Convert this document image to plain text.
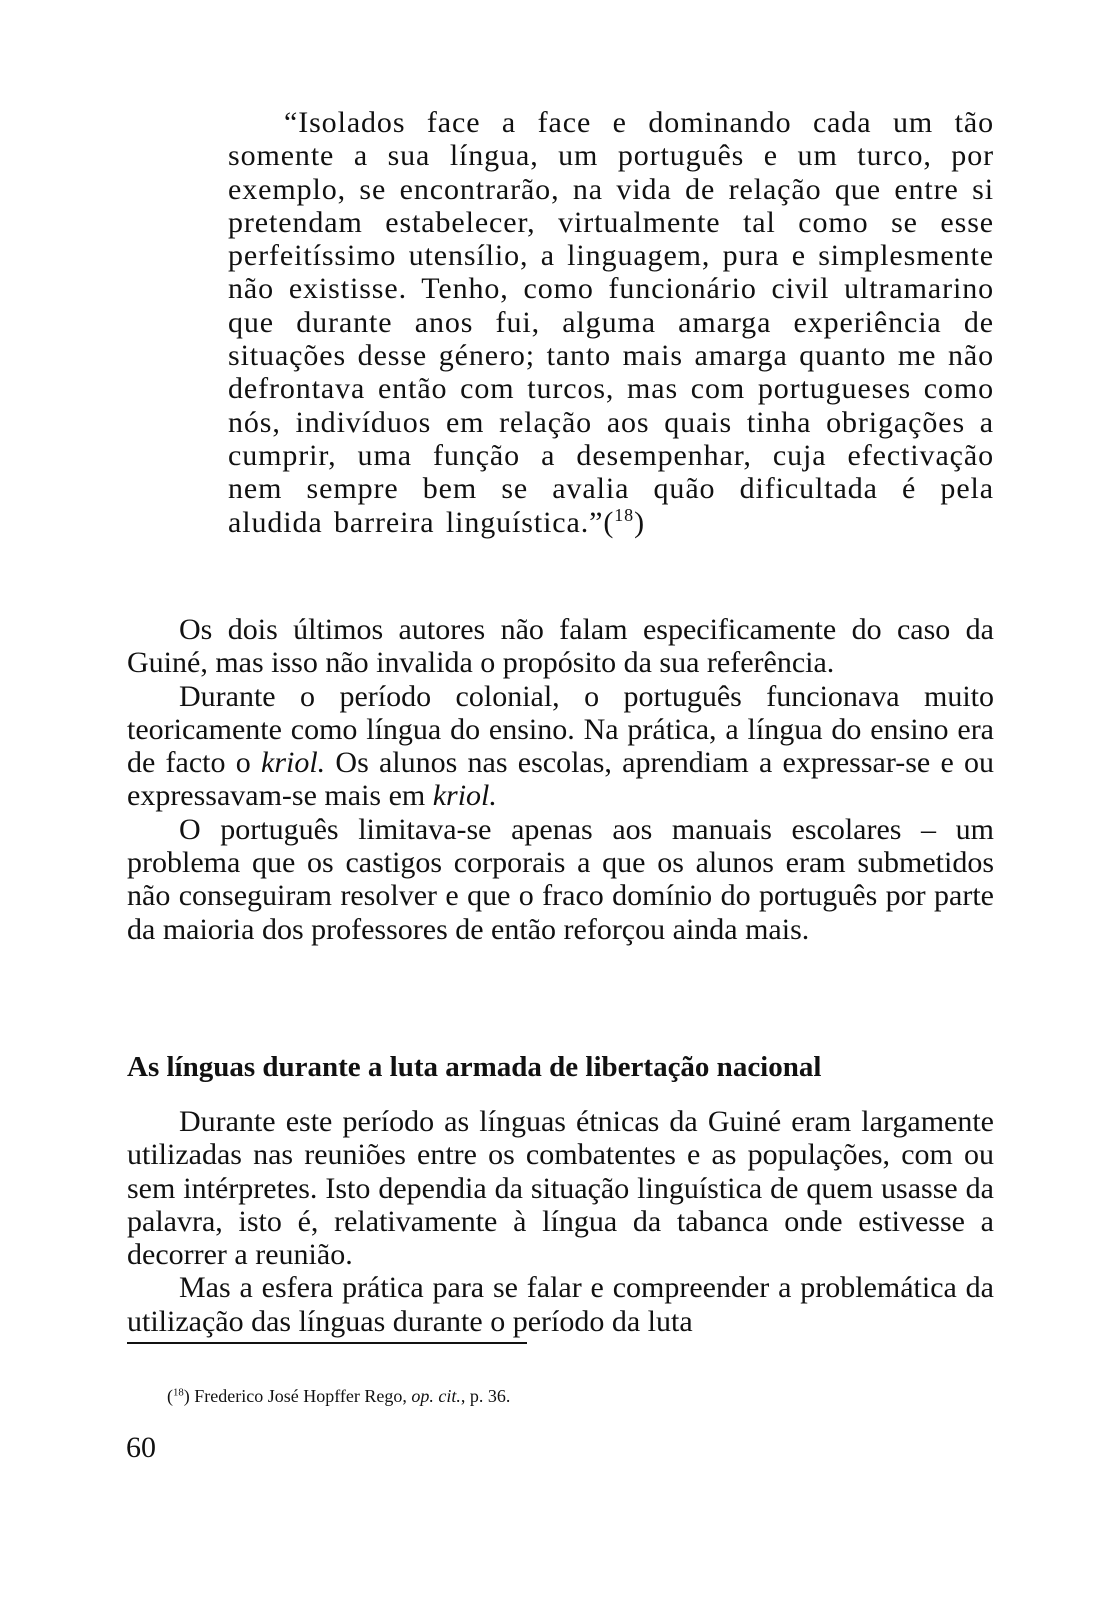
“Isolados face a face e dominando cada um tão somente a sua língua, um português e um turco, por exemplo, se encontrarão, na vida de relação que entre si pretendam estabelecer, virtualmente tal como se esse perfeitíssimo utensílio, a linguagem, pura e simplesmente não existisse. Tenho, como funcionário civil ultramarino que durante anos fui, alguma amarga experiência de situações desse género; tanto mais amarga quanto me não defrontava então com turcos, mas com portugueses como nós, indivíduos em relação aos quais tinha obrigações a cumprir, uma função a desempenhar, cuja efectivação nem sempre bem se avalia quão dificultada é pela aludida barreira linguística.”($^{18}$)

Os dois últimos autores não falam especificamente do caso da Guiné, mas isso não invalida o propósito da sua referência.

Durante o período colonial, o português funcionava muito teoricamente como língua do ensino. Na prática, a língua do ensino era de facto o kriol. Os alunos nas escolas, aprendiam a expressar-se e ou expressavam-se mais em kriol.

O português limitava-se apenas aos manuais escolares – um problema que os castigos corporais a que os alunos eram submetidos não conseguiram resolver e que o fraco domínio do português por parte da maioria dos professores de então reforçou ainda mais.

As línguas durante a luta armada de libertação nacional

Durante este período as línguas étnicas da Guiné eram largamente utilizadas nas reuniões entre os combatentes e as populações, com ou sem intérpretes. Isto dependia da situação linguística de quem usasse da palavra, isto é, relativamente à língua da tabanca onde estivesse a decorrer a reunião.

Mas a esfera prática para se falar e compreender a problemática da utilização das línguas durante o período da luta

($^{18}$) Frederico José Hopffer Rego, op. cit., p. 36.
60
